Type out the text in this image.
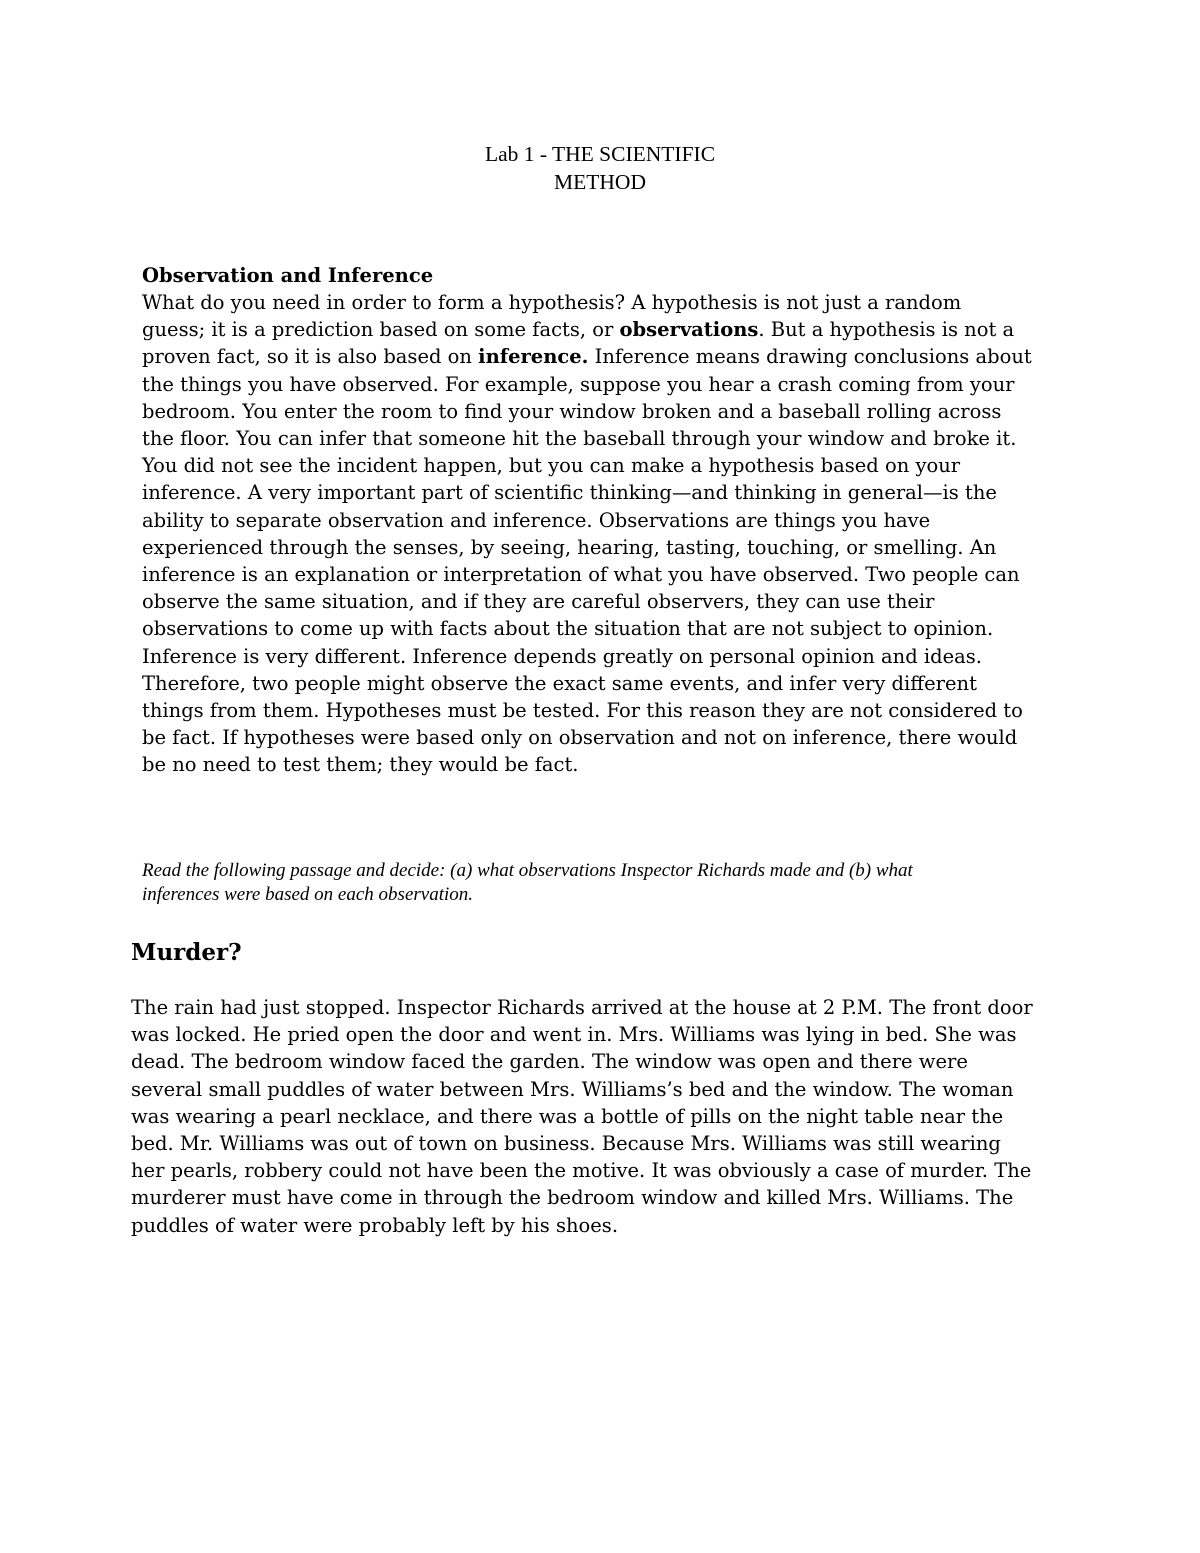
Lab 1 - THE SCIENTIFIC
METHOD
Observation and Inference
What do you need in order to form a hypothesis? A hypothesis is not just a random
guess; it is a prediction based on some facts, or observations. But a hypothesis is not a
proven fact, so it is also based on inference. Inference means drawing conclusions about
the things you have observed. For example, suppose you hear a crash coming from your
bedroom. You enter the room to find your window broken and a baseball rolling across
the floor. You can infer that someone hit the baseball through your window and broke it.
You did not see the incident happen, but you can make a hypothesis based on your
inference. A very important part of scientific thinking—and thinking in general—is the
ability to separate observation and inference. Observations are things you have
experienced through the senses, by seeing, hearing, tasting, touching, or smelling. An
inference is an explanation or interpretation of what you have observed. Two people can
observe the same situation, and if they are careful observers, they can use their
observations to come up with facts about the situation that are not subject to opinion.
Inference is very different. Inference depends greatly on personal opinion and ideas.
Therefore, two people might observe the exact same events, and infer very different
things from them. Hypotheses must be tested. For this reason they are not considered to
be fact. If hypotheses were based only on observation and not on inference, there would
be no need to test them; they would be fact.
Read the following passage and decide: (a) what observations Inspector Richards made and (b) what
inferences were based on each observation.
Murder?
The rain had just stopped. Inspector Richards arrived at the house at 2 P.M. The front door
was locked. He pried open the door and went in. Mrs. Williams was lying in bed. She was
dead. The bedroom window faced the garden. The window was open and there were
several small puddles of water between Mrs. Williams’s bed and the window. The woman
was wearing a pearl necklace, and there was a bottle of pills on the night table near the
bed. Mr. Williams was out of town on business. Because Mrs. Williams was still wearing
her pearls, robbery could not have been the motive. It was obviously a case of murder. The
murderer must have come in through the bedroom window and killed Mrs. Williams. The
puddles of water were probably left by his shoes.
